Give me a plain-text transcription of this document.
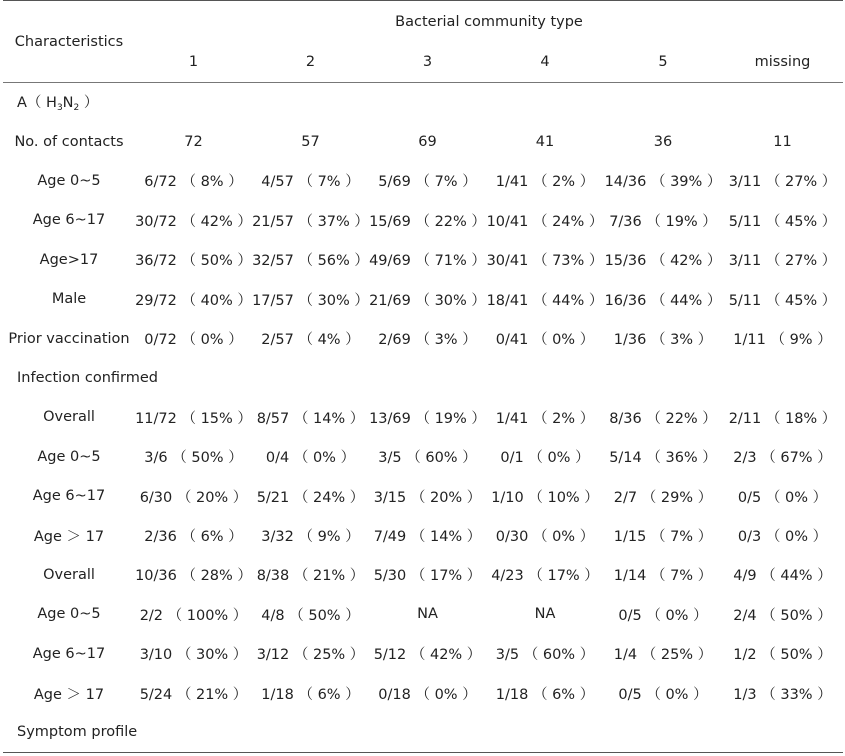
Characteristics	Bacterial community type					
	1	2	3	4	5	missing
A（ $H_3N_2$ ）						
No. of contacts	72	57	69	41	36	11
Age 0~5	6/72 （ 8% ）	4/57 （ 7% ）	5/69 （ 7% ）	1/41 （ 2% ）	14/36 （ 39% ）	3/11 （ 27% ）
Age 6~17	30/72 （ 42% ）	21/57 （ 37% ）	15/69 （ 22% ）	10/41 （ 24% ）	7/36 （ 19% ）	5/11 （ 45% ）
Age>17	36/72 （ 50% ）	32/57 （ 56% ）	49/69 （ 71% ）	30/41 （ 73% ）	15/36 （ 42% ）	3/11 （ 27% ）
Male	29/72 （ 40% ）	17/57 （ 30% ）	21/69 （ 30% ）	18/41 （ 44% ）	16/36 （ 44% ）	5/11 （ 45% ）
Prior vaccination	0/72 （ 0% ）	2/57 （ 4% ）	2/69 （ 3% ）	0/41 （ 0% ）	1/36 （ 3% ）	1/11 （ 9% ）
Infection confirmed						
Overall	11/72 （ 15% ）	8/57 （ 14% ）	13/69 （ 19% ）	1/41 （ 2% ）	8/36 （ 22% ）	2/11 （ 18% ）
Age 0~5	3/6 （ 50% ）	0/4 （ 0% ）	3/5 （ 60% ）	0/1 （ 0% ）	5/14 （ 36% ）	2/3 （ 67% ）
Age 6~17	6/30 （ 20% ）	5/21 （ 24% ）	3/15 （ 20% ）	1/10 （ 10% ）	2/7 （ 29% ）	0/5 （ 0% ）
Age ＞ 17	2/36 （ 6% ）	3/32 （ 9% ）	7/49 （ 14% ）	0/30 （ 0% ）	1/15 （ 7% ）	0/3 （ 0% ）
Overall	10/36 （ 28% ）	8/38 （ 21% ）	5/30 （ 17% ）	4/23 （ 17% ）	1/14 （ 7% ）	4/9 （ 44% ）
Age 0~5	2/2 （ 100% ）	4/8 （ 50% ）	NA	NA	0/5 （ 0% ）	2/4 （ 50% ）
Age 6~17	3/10 （ 30% ）	3/12 （ 25% ）	5/12 （ 42% ）	3/5 （ 60% ）	1/4 （ 25% ）	1/2 （ 50% ）
Age ＞ 17	5/24 （ 21% ）	1/18 （ 6% ）	0/18 （ 0% ）	1/18 （ 6% ）	0/5 （ 0% ）	1/3 （ 33% ）
Symptom profile						
